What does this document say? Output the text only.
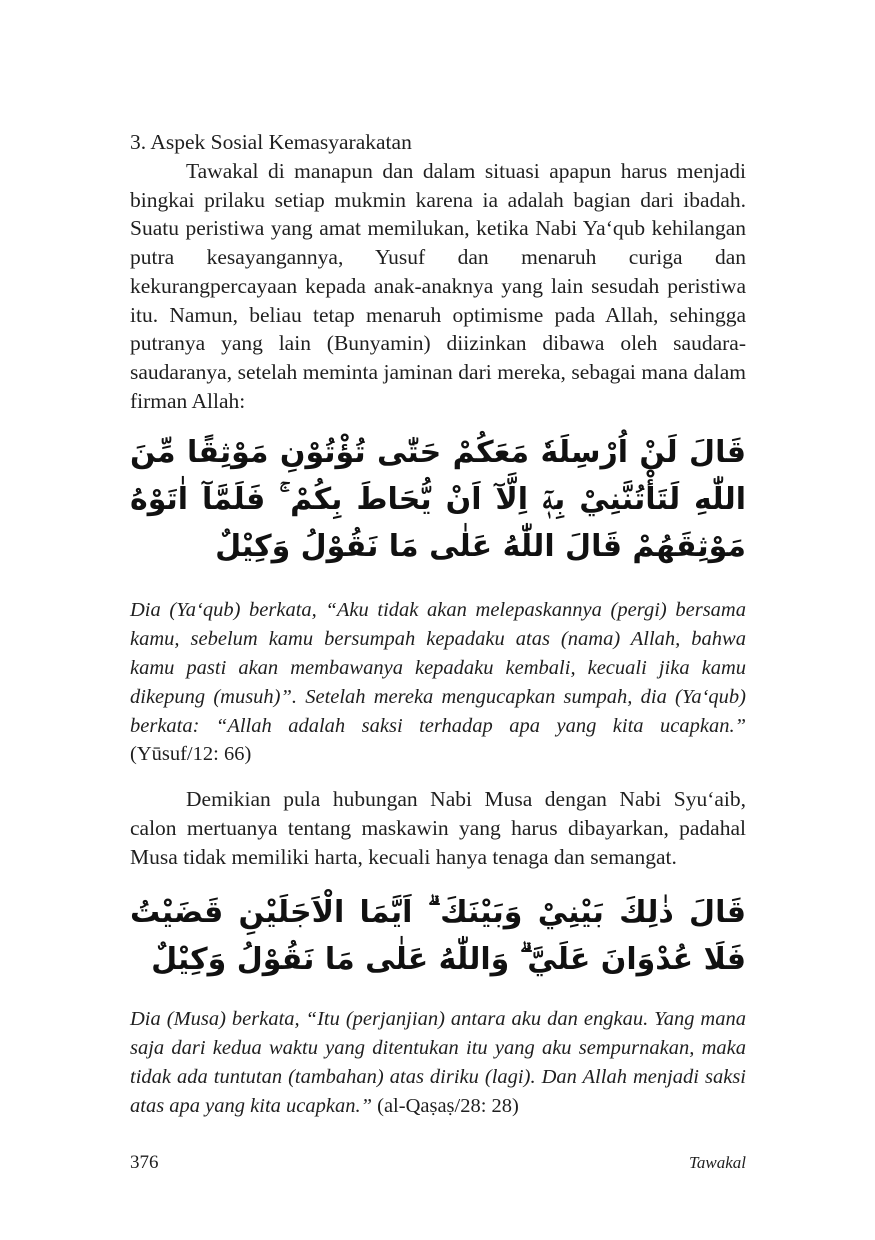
3. Aspek Sosial Kemasyarakatan

Tawakal di manapun dan dalam situasi apapun harus menjadi bingkai prilaku setiap mukmin karena ia adalah bagian dari ibadah. Suatu peristiwa yang amat memilukan, ketika Nabi Ya‘qub kehilangan putra kesayangannya, Yusuf dan menaruh curiga dan kekurangpercayaan kepada anak-anaknya yang lain sesudah peristiwa itu. Namun, beliau tetap menaruh optimisme pada Allah, sehingga putranya yang lain (Bunyamin) diizinkan dibawa oleh saudara-saudaranya, setelah meminta jaminan dari mereka, sebagai mana dalam firman Allah:

قَالَ لَنْ اُرْسِلَهٗ مَعَكُمْ حَتّٰى تُؤْتُوْنِ مَوْثِقًا مِّنَ اللّٰهِ لَتَأْتُنَّنِيْ بِهٖٓ اِلَّآ اَنْ يُّحَاطَ بِكُمْ ۚ فَلَمَّآ اٰتَوْهُ مَوْثِقَهُمْ قَالَ اللّٰهُ عَلٰى مَا نَقُوْلُ وَكِيْلٌ

Dia (Ya‘qub) berkata, “Aku tidak akan melepaskannya (pergi) bersama kamu, sebelum kamu bersumpah kepadaku atas (nama) Allah, bahwa kamu pasti akan membawanya kepadaku kembali, kecuali jika kamu dikepung (musuh)”. Setelah mereka mengucapkan sumpah, dia (Ya‘qub) berkata: “Allah adalah saksi terhadap apa yang kita ucapkan.” (Yūsuf/12: 66)

Demikian pula hubungan Nabi Musa dengan Nabi Syu‘aib, calon mertuanya tentang maskawin yang harus dibayarkan, padahal Musa tidak memiliki harta, kecuali hanya tenaga dan semangat.

قَالَ ذٰلِكَ بَيْنِيْ وَبَيْنَكَ ۗ اَيَّمَا الْاَجَلَيْنِ قَضَيْتُ فَلَا عُدْوَانَ عَلَيَّ ۗ وَاللّٰهُ عَلٰى مَا نَقُوْلُ وَكِيْلٌ

Dia (Musa) berkata, “Itu (perjanjian) antara aku dan engkau. Yang mana saja dari kedua waktu yang ditentukan itu yang aku sempurnakan, maka tidak ada tuntutan (tambahan) atas diriku (lagi). Dan Allah menjadi saksi atas apa yang kita ucapkan.” (al-Qaṣaṣ/28: 28)

376	Tawakal
